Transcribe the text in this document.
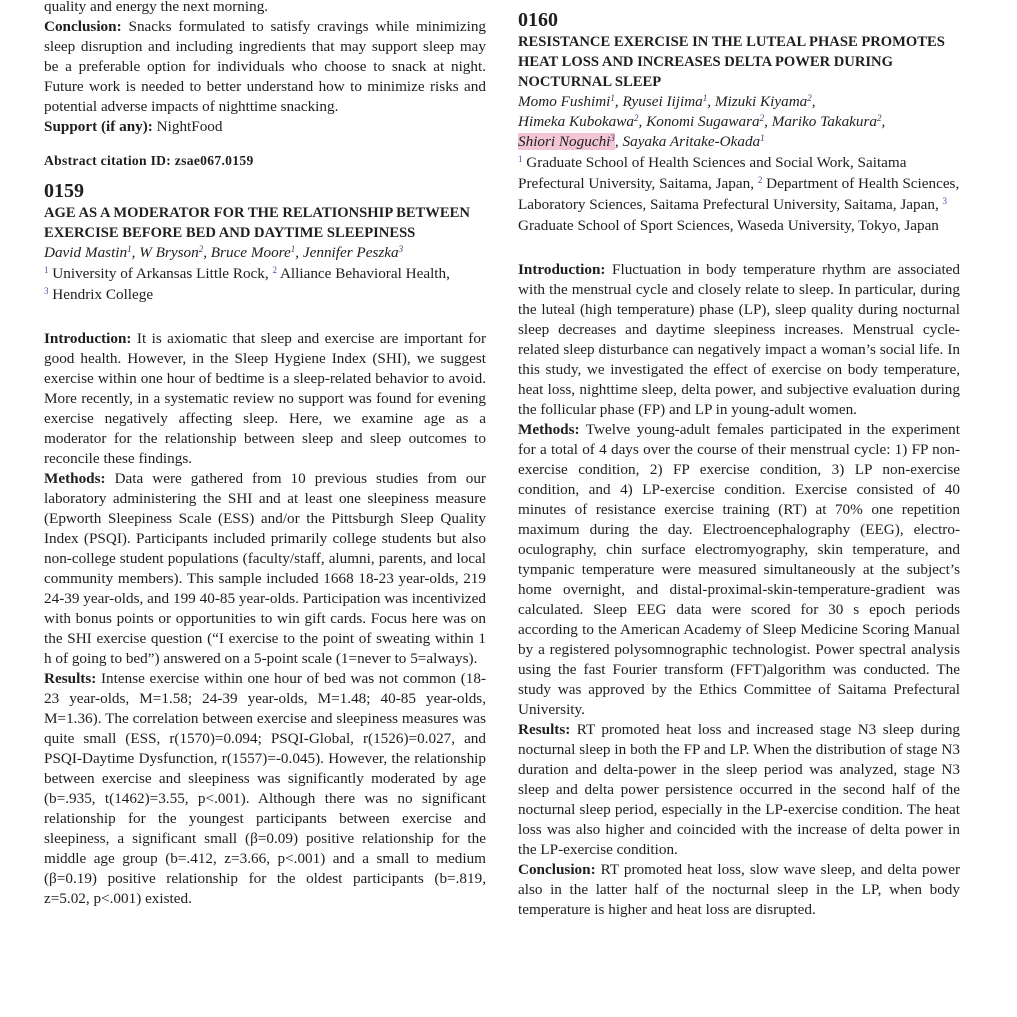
quality and energy the next morning.

Conclusion: Snacks formulated to satisfy cravings while minimizing sleep disruption and including ingredients that may support sleep may be a preferable option for individuals who choose to snack at night. Future work is needed to better understand how to minimize risks and potential adverse impacts of nighttime snacking.

Support (if any): NightFood

Abstract citation ID: zsae067.0159
0159
AGE AS A MODERATOR FOR THE RELATIONSHIP BETWEEN EXERCISE BEFORE BED AND DAYTIME SLEEPINESS
David Mastin$^1$, W Bryson$^2$, Bruce Moore$^1$, Jennifer Peszka$^3$
$^1$ University of Arkansas Little Rock, $^2$ Alliance Behavioral Health,
$^3$ Hendrix College

Introduction: It is axiomatic that sleep and exercise are important for good health. However, in the Sleep Hygiene Index (SHI), we suggest exercise within one hour of bedtime is a sleep-related behavior to avoid. More recently, in a systematic review no support was found for evening exercise negatively affecting sleep. Here, we examine age as a moderator for the relationship between sleep and sleep outcomes to reconcile these findings.

Methods: Data were gathered from 10 previous studies from our laboratory administering the SHI and at least one sleepiness measure (Epworth Sleepiness Scale (ESS) and/or the Pittsburgh Sleep Quality Index (PSQI). Participants included primarily college students but also non-college student populations (faculty/staff, alumni, parents, and local community members). This sample included 1668 18-23 year-olds, 219 24-39 year-olds, and 199 40-85 year-olds. Participation was incentivized with bonus points or opportunities to win gift cards. Focus here was on the SHI exercise question (“I exercise to the point of sweating within 1 h of going to bed”) answered on a 5-point scale (1=never to 5=always).

Results: Intense exercise within one hour of bed was not common (18-23 year-olds, M=1.58; 24-39 year-olds, M=1.48; 40-85 year-olds, M=1.36). The correlation between exercise and sleepiness measures was quite small (ESS, r(1570)=0.094; PSQI-Global, r(1526)=0.027, and PSQI-Daytime Dysfunction, r(1557)=-0.045). However, the relationship between exercise and sleepiness was significantly moderated by age (b=.935, t(1462)=3.55, p<.001). Although there was no significant relationship for the youngest participants between exercise and sleepiness, a significant small (β=0.09) positive relationship for the middle age group (b=.412, z=3.66, p<.001) and a small to medium (β=0.19) positive relationship for the oldest participants (b=.819, z=5.02, p<.001) existed.

0160
RESISTANCE EXERCISE IN THE LUTEAL PHASE PROMOTES HEAT LOSS AND INCREASES DELTA POWER DURING NOCTURNAL SLEEP
Momo Fushimi$^1$, Ryusei Iijima$^1$, Mizuki Kiyama$^2$,
Himeka Kubokawa$^2$, Konomi Sugawara$^2$, Mariko Takakura$^2$,
Shiori Noguchi$^3$, Sayaka Aritake-Okada$^1$
$^1$ Graduate School of Health Sciences and Social Work, Saitama Prefectural University, Saitama, Japan, $^2$ Department of Health Sciences, Laboratory Sciences, Saitama Prefectural University, Saitama, Japan, $^3$ Graduate School of Sport Sciences, Waseda University, Tokyo, Japan

Introduction: Fluctuation in body temperature rhythm are associated with the menstrual cycle and closely relate to sleep. In particular, during the luteal (high temperature) phase (LP), sleep quality during nocturnal sleep decreases and daytime sleepiness increases. Menstrual cycle-related sleep disturbance can negatively impact a woman’s social life. In this study, we investigated the effect of exercise on body temperature, heat loss, nighttime sleep, delta power, and subjective evaluation during the follicular phase (FP) and LP in young-adult women.

Methods: Twelve young-adult females participated in the experiment for a total of 4 days over the course of their menstrual cycle: 1) FP non-exercise condition, 2) FP exercise condition, 3) LP non-exercise condition, and 4) LP-exercise condition. Exercise consisted of 40 minutes of resistance exercise training (RT) at 70% one repetition maximum during the day. Electroencephalography (EEG), electro-oculography, chin surface electromyography, skin temperature, and tympanic temperature were measured simultaneously at the subject’s home overnight, and distal-proximal-skin-temperature-gradient was calculated. Sleep EEG data were scored for 30 s epoch periods according to the American Academy of Sleep Medicine Scoring Manual by a registered polysomnographic technologist. Power spectral analysis using the fast Fourier transform (FFT)algorithm was conducted. The study was approved by the Ethics Committee of Saitama Prefectural University.

Results: RT promoted heat loss and increased stage N3 sleep during nocturnal sleep in both the FP and LP. When the distribution of stage N3 duration and delta-power in the sleep period was analyzed, stage N3 sleep and delta power persistence occurred in the second half of the nocturnal sleep period, especially in the LP-exercise condition. The heat loss was also higher and coincided with the increase of delta power in the LP-exercise condition.

Conclusion: RT promoted heat loss, slow wave sleep, and delta power also in the latter half of the nocturnal sleep in the LP, when body temperature is higher and heat loss are disrupted.
